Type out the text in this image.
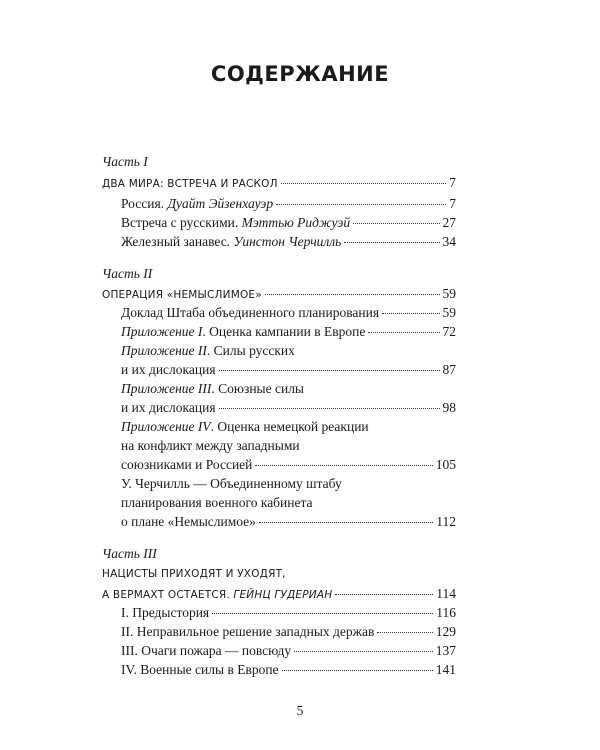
СОДЕРЖАНИЕ
Часть I
ДВА МИРА: ВСТРЕЧА И РАСКОЛ	7
Россия. Дуайт Эйзенхауэр	7
Встреча с русскими. Мэттью Риджуэй	27
Железный занавес. Уинстон Черчилль	34
Часть II
ОПЕРАЦИЯ «НЕМЫСЛИМОЕ»	59
Доклад Штаба объединенного планирования	59
Приложение I. Оценка кампании в Европе	72
Приложение II. Силы русских
и их дислокация	87
Приложение III. Союзные силы
и их дислокация	98
Приложение IV. Оценка немецкой реакции
на конфликт между западными
союзниками и Россией	105
У. Черчилль — Объединенному штабу
планирования военного кабинета
о плане «Немыслимое»	112
Часть III
НАЦИСТЫ ПРИХОДЯТ И УХОДЯТ,
А ВЕРМАХТ ОСТАЕТСЯ. ГЕЙНЦ ГУДЕРИАН	114
I. Предыстория	116
II. Неправильное решение западных держав	129
III. Очаги пожара — повсюду	137
IV. Военные силы в Европе	141
5
